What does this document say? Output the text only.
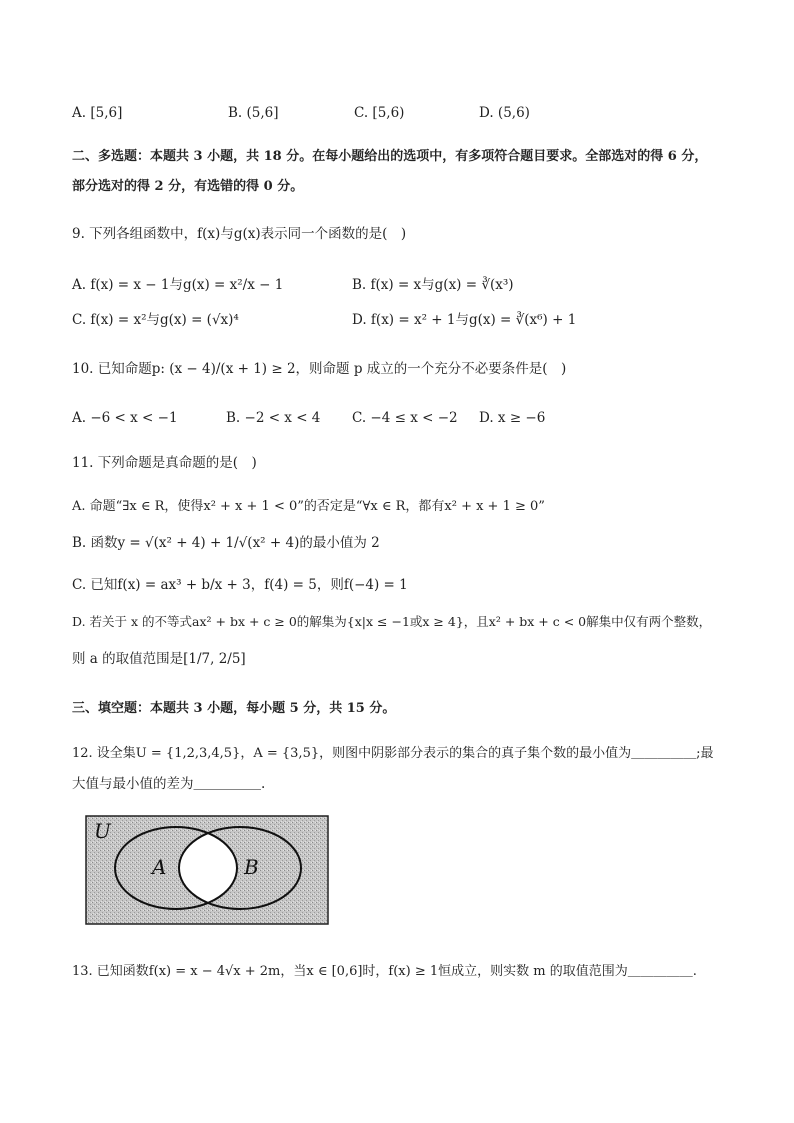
A. [5,6]	B. (5,6]	C. [5,6)	D. (5,6)
二、多选题：本题共 3 小题，共 18 分。在每小题给出的选项中，有多项符合题目要求。全部选对的得 6 分，
部分选对的得 2 分，有选错的得 0 分。
9. 下列各组函数中，f(x)与g(x)表示同一个函数的是(　)
A. f(x) = x − 1与g(x) = x²/x − 1	B. f(x) = x与g(x) = ∛(x³)
C. f(x) = x²与g(x) = (√x)⁴	D. f(x) = x² + 1与g(x) = ∛(x⁶) + 1
10. 已知命题p: (x − 4)/(x + 1) ≥ 2，则命题 p 成立的一个充分不必要条件是(　)
A. −6 < x < −1	B. −2 < x < 4 C. −4 ≤ x < −2 D. x ≥ −6
11. 下列命题是真命题的是(　)
A. 命题“∃x ∈ R，使得x² + x + 1 < 0”的否定是“∀x ∈ R，都有x² + x + 1 ≥ 0”
B. 函数y = √(x² + 4) + 1/√(x² + 4)的最小值为 2
C. 已知f(x) = ax³ + b/x + 3，f(4) = 5，则f(−4) = 1
D. 若关于 x 的不等式ax² + bx + c ≥ 0的解集为{x|x ≤ −1或x ≥ 4}，且x² + bx + c < 0解集中仅有两个整数，
则 a 的取值范围是[1/7, 2/5]
三、填空题：本题共 3 小题，每小题 5 分，共 15 分。
12. 设全集U = {1,2,3,4,5}，A = {3,5}，则图中阴影部分表示的集合的真子集个数的最小值为＿＿＿＿＿;最
大值与最小值的差为＿＿＿＿＿.
U
A	B
13. 已知函数f(x) = x − 4√x + 2m，当x ∈ [0,6]时，f(x) ≥ 1恒成立，则实数 m 的取值范围为＿＿＿＿＿.
